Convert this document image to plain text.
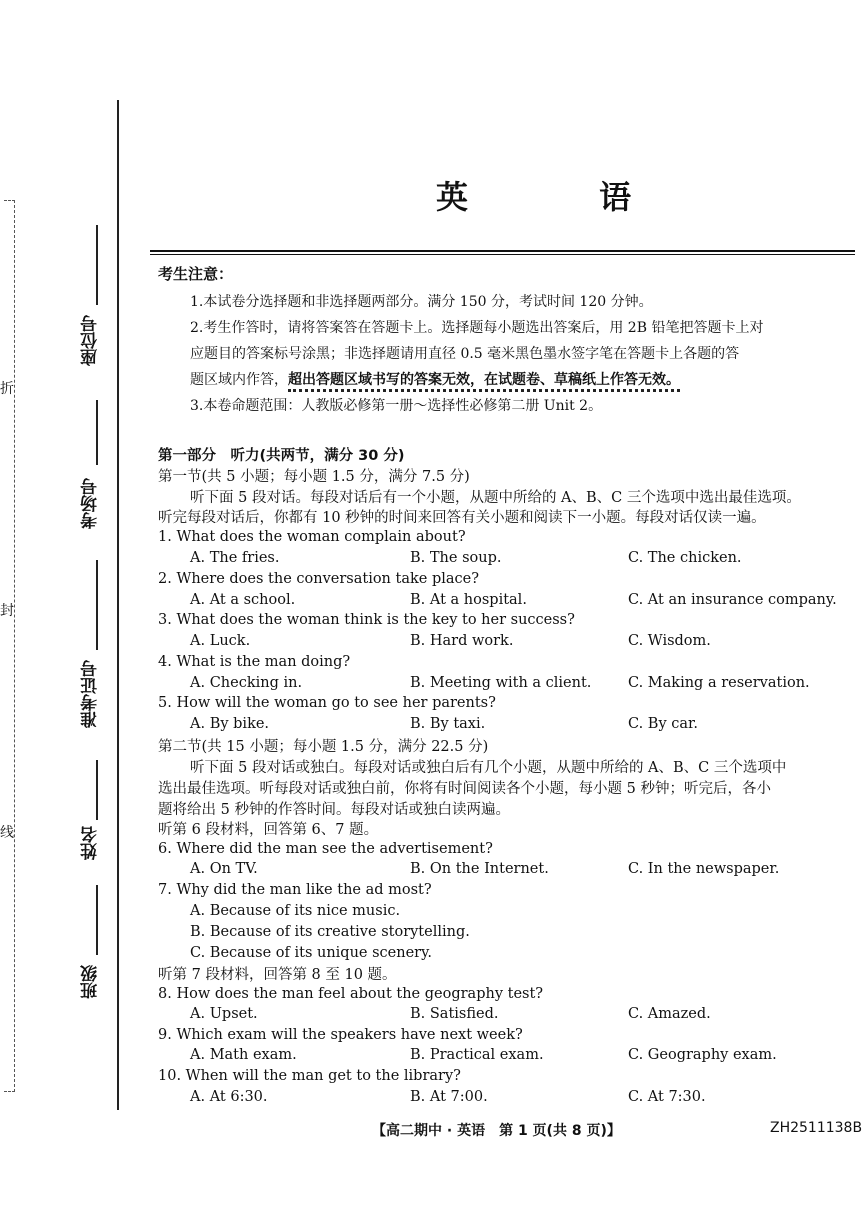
折
封
线
座位号
考场号
准考证号
姓名
班级
英 语
考生注意：
1.本试卷分选择题和非选择题两部分。满分 150 分，考试时间 120 分钟。
2.考生作答时，请将答案答在答题卡上。选择题每小题选出答案后，用 2B 铅笔把答题卡上对
应题目的答案标号涂黑；非选择题请用直径 0.5 毫米黑色墨水签字笔在答题卡上各题的答
题区域内作答，超出答题区域书写的答案无效，在试题卷、草稿纸上作答无效。
3.本卷命题范围：人教版必修第一册～选择性必修第二册 Unit 2。
第一部分　听力(共两节，满分 30 分)
第一节(共 5 小题；每小题 1.5 分，满分 7.5 分)
听下面 5 段对话。每段对话后有一个小题，从题中所给的 A、B、C 三个选项中选出最佳选项。
听完每段对话后，你都有 10 秒钟的时间来回答有关小题和阅读下一小题。每段对话仅读一遍。
1. What does the woman complain about?
A. The fries.	B. The soup.	C. The chicken.
2. Where does the conversation take place?
A. At a school.	B. At a hospital.	C. At an insurance company.
3. What does the woman think is the key to her success?
A. Luck.	B. Hard work.	C. Wisdom.
4. What is the man doing?
A. Checking in.	B. Meeting with a client.	C. Making a reservation.
5. How will the woman go to see her parents?
A. By bike.	B. By taxi.	C. By car.
第二节(共 15 小题；每小题 1.5 分，满分 22.5 分)
听下面 5 段对话或独白。每段对话或独白后有几个小题，从题中所给的 A、B、C 三个选项中
选出最佳选项。听每段对话或独白前，你将有时间阅读各个小题，每小题 5 秒钟；听完后，各小
题将给出 5 秒钟的作答时间。每段对话或独白读两遍。
听第 6 段材料，回答第 6、7 题。
6. Where did the man see the advertisement?
A. On TV.	B. On the Internet.	C. In the newspaper.
7. Why did the man like the ad most?
A. Because of its nice music.
B. Because of its creative storytelling.
C. Because of its unique scenery.
听第 7 段材料，回答第 8 至 10 题。
8. How does the man feel about the geography test?
A. Upset.	B. Satisfied.	C. Amazed.
9. Which exam will the speakers have next week?
A. Math exam.	B. Practical exam.	C. Geography exam.
10. When will the man get to the library?
A. At 6:30.	B. At 7:00.	C. At 7:30.
【高二期中 · 英语　第 1 页(共 8 页)】	ZH2511138B
